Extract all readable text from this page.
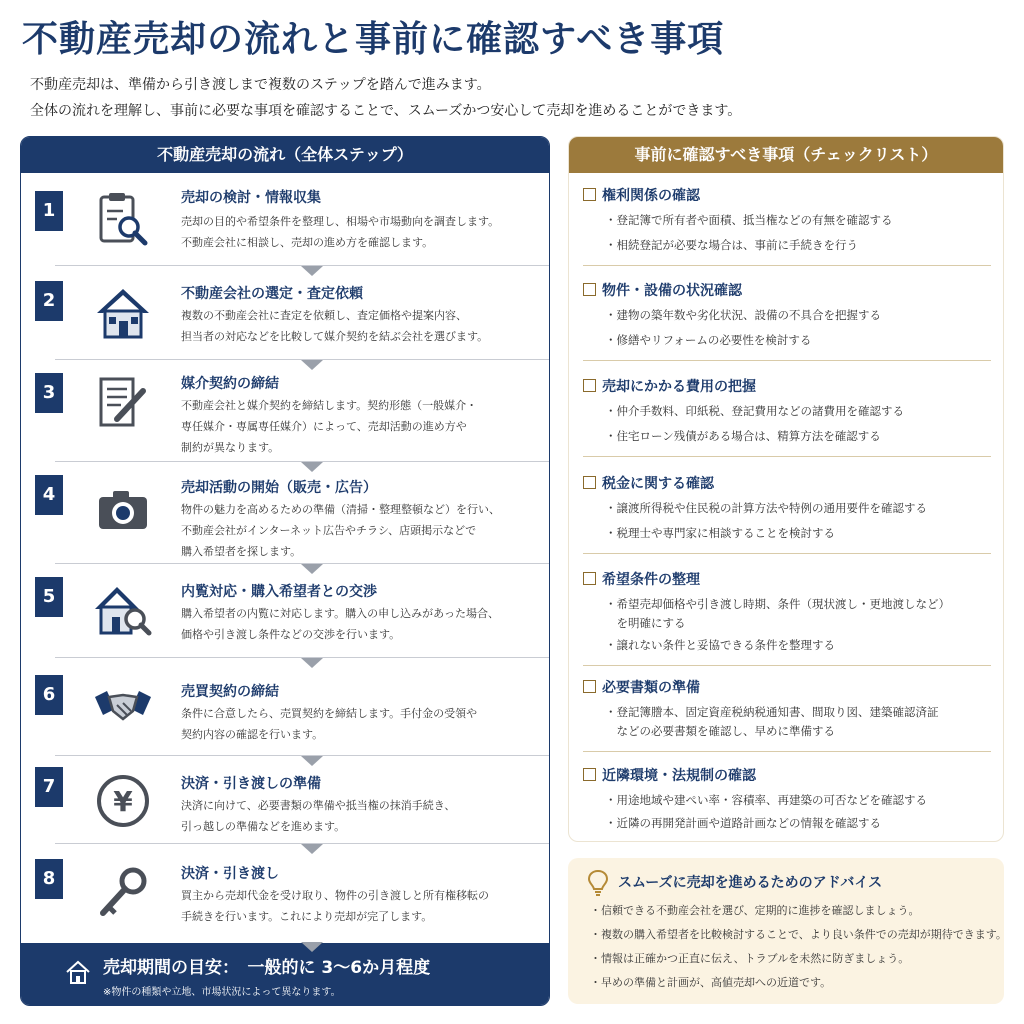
不動産売却の流れと事前に確認すべき事項
不動産売却は、準備から引き渡しまで複数のステップを踏んで進みます。
全体の流れを理解し、事前に必要な事項を確認することで、スムーズかつ安心して売却を進めることができます。
不動産売却の流れ（全体ステップ）
1
売却の検討・情報収集
売却の目的や希望条件を整理し、相場や市場動向を調査します。
不動産会社に相談し、売却の進め方を確認します。
2	不動産会社の選定・査定依頼
複数の不動産会社に査定を依頼し、査定価格や提案内容、
担当者の対応などを比較して媒介契約を結ぶ会社を選びます。
3	媒介契約の締結
不動産会社と媒介契約を締結します。契約形態（一般媒介・
専任媒介・専属専任媒介）によって、売却活動の進め方や
制約が異なります。
4	売却活動の開始（販売・広告）
物件の魅力を高めるための準備（清掃・整理整頓など）を行い、
不動産会社がインターネット広告やチラシ、店頭掲示などで
購入希望者を探します。
5	内覧対応・購入希望者との交渉
購入希望者の内覧に対応します。購入の申し込みがあった場合、
価格や引き渡し条件などの交渉を行います。
6	売買契約の締結
条件に合意したら、売買契約を締結します。手付金の受領や
契約内容の確認を行います。
7 ¥
決済・引き渡しの準備
決済に向けて、必要書類の準備や抵当権の抹消手続き、
引っ越しの準備などを進めます。
8	決済・引き渡し
買主から売却代金を受け取り、物件の引き渡しと所有権移転の
手続きを行います。これにより売却が完了します。
売却期間の目安：　一般的に 3〜6か月程度
※物件の種類や立地、市場状況によって異なります。
事前に確認すべき事項（チェックリスト）
権利関係の確認
・登記簿で所有者や面積、抵当権などの有無を確認する
・相続登記が必要な場合は、事前に手続きを行う
物件・設備の状況確認
・建物の築年数や劣化状況、設備の不具合を把握する
・修繕やリフォームの必要性を検討する
売却にかかる費用の把握
・仲介手数料、印紙税、登記費用などの諸費用を確認する
・住宅ローン残債がある場合は、精算方法を確認する
税金に関する確認
・譲渡所得税や住民税の計算方法や特例の通用要件を確認する
・税理士や専門家に相談することを検討する
希望条件の整理
・希望売却価格や引き渡し時期、条件（現状渡し・更地渡しなど）
　を明確にする
・譲れない条件と妥協できる条件を整理する
必要書類の準備
・登記簿謄本、固定資産税納税通知書、間取り図、建築確認済証
　などの必要書類を確認し、早めに準備する
近隣環境・法規制の確認
・用途地域や建ぺい率・容積率、再建築の可否などを確認する
・近隣の再開発計画や道路計画などの情報を確認する
スムーズに売却を進めるためのアドバイス
・信頼できる不動産会社を選び、定期的に進捗を確認しましょう。
・複数の購入希望者を比較検討することで、より良い条件での売却が期待できます。
・情報は正確かつ正直に伝え、トラブルを未然に防ぎましょう。
・早めの準備と計画が、高値売却への近道です。
